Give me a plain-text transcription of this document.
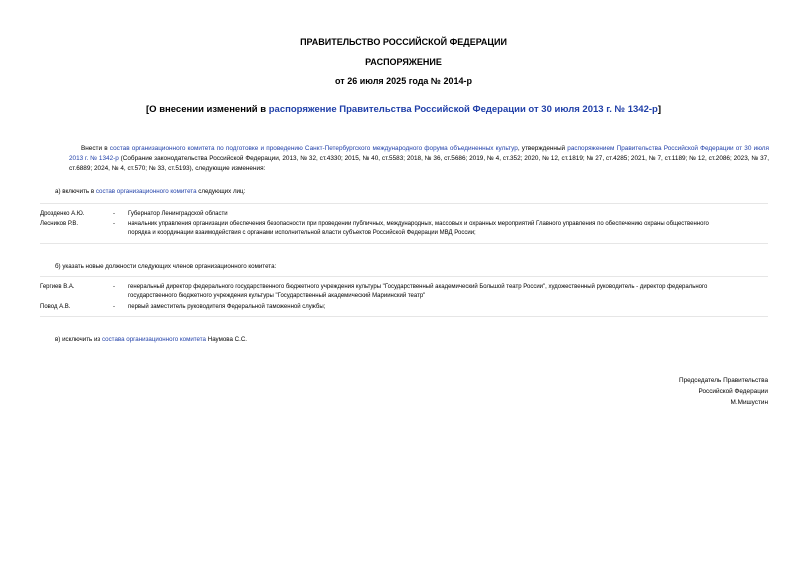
ПРАВИТЕЛЬСТВО РОССИЙСКОЙ ФЕДЕРАЦИИ
РАСПОРЯЖЕНИЕ
от 26 июля 2025 года № 2014-р
[О внесении изменений в распоряжение Правительства Российской Федерации от 30 июля 2013 г. № 1342-р]
Внести в состав организационного комитета по подготовке и проведению Санкт-Петербургского международного форума объединенных культур, утвержденный распоряжением Правительства Российской Федерации от 30 июля 2013 г. № 1342-р (Собрание законодательства Российской Федерации, 2013, № 32, ст.4330; 2015, № 40, ст.5583; 2018, № 36, ст.5686; 2019, № 4, ст.352; 2020, № 12, ст.1819; № 27, ст.4285; 2021, № 7, ст.1189; № 12, ст.2086; 2023, № 37, ст.6889; 2024, № 4, ст.570; № 33, ст.5193), следующие изменения:
а) включить в состав организационного комитета следующих лиц:
Дрозденко А.Ю.	- Губернатор Ленинградской области
Лесников Р.В.	- начальник управления организации обеспечения безопасности при проведении публичных, международных, массовых и охранных мероприятий Главного управления по обеспечению охраны общественного порядка и координации взаимодействия с органами исполнительной власти субъектов Российской Федерации МВД России;
б) указать новые должности следующих членов организационного комитета:
Гергиев В.А.	- генеральный директор федерального государственного бюджетного учреждения культуры "Государственный академический Большой театр России", художественный руководитель - директор федерального государственного бюджетного учреждения культуры "Государственный академический Мариинский театр"
Повод А.В.	- первый заместитель руководителя Федеральной таможенной службы;
в) исключить из состава организационного комитета Наумова С.С.
Председатель Правительства
Российской Федерации
М.Мишустин
